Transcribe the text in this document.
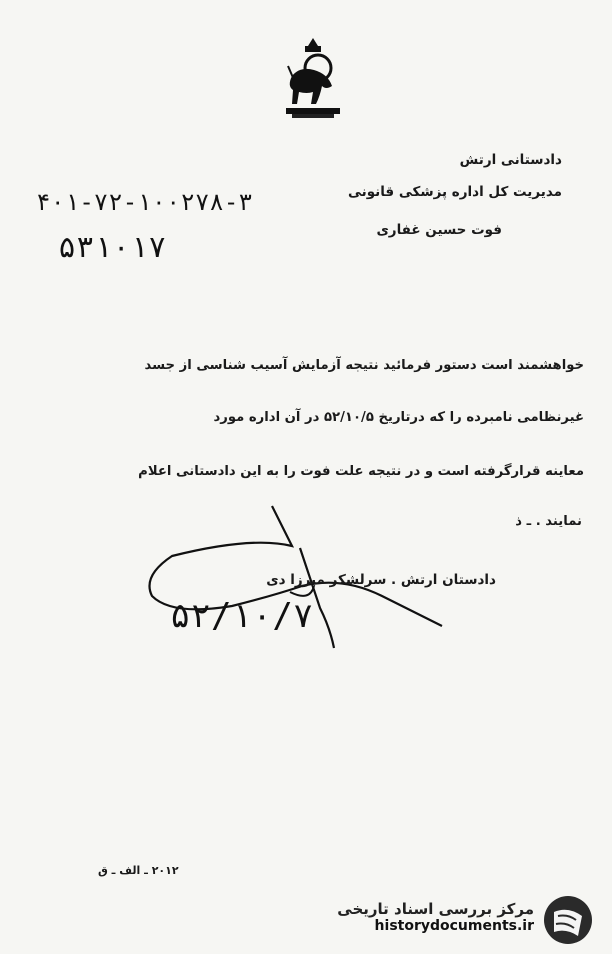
دادستانی ارتش
مدیریت کل اداره پزشکی قانونی
فوت حسین غفاری
۴۰۱-۷۲-۱۰۰۲۷۸-۳
۵۳۱۰۱۷
خواهشمند است دستور فرمائید نتیجه آزمایش آسیب شناسی از جسد
غیرنظامی نامبرده را که درتاریخ ۵۲/۱۰/۵ در آن اداره مورد
معاینه قرارگرفته است و در نتیجه علت فوت را به این دادستانی اعلام
نمایند . ـ ذ
دادستان ارتش . سرلشکر میرزا دی
۵۲/۱۰/۷
۲۰۱۲ ـ الف ـ ق
مرکز بررسی اسناد تاریخی
historydocuments.ir
